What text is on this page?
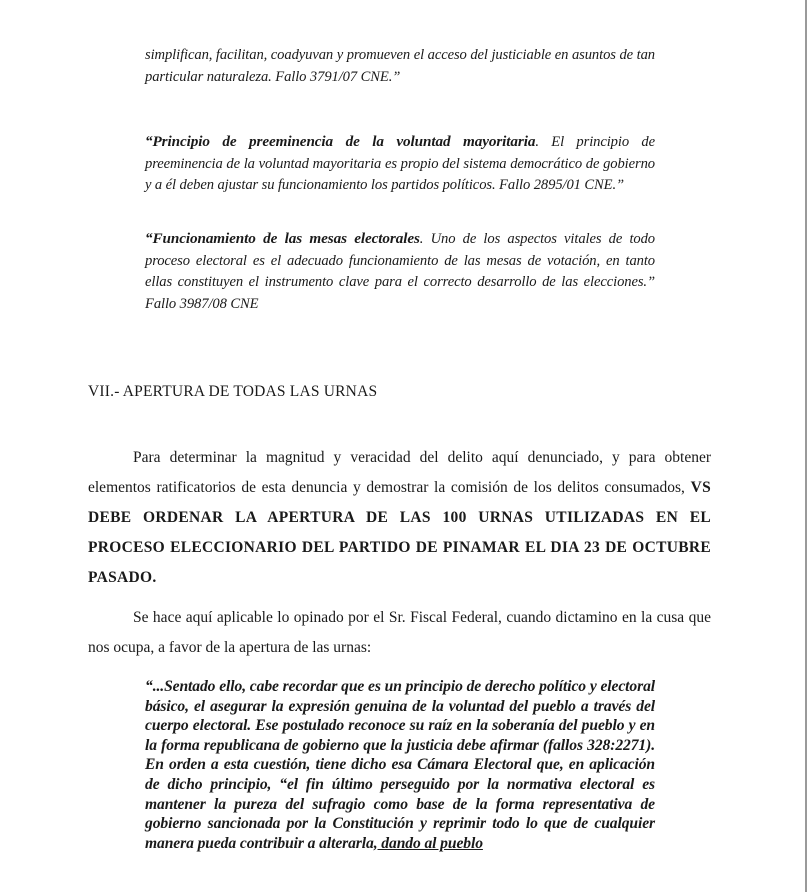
simplifican, facilitan, coadyuvan y promueven el acceso del justiciable en asuntos de tan particular naturaleza. Fallo 3791/07 CNE.”
“Principio de preeminencia de la voluntad mayoritaria. El principio de preeminencia de la voluntad mayoritaria es propio del sistema democrático de gobierno y a él deben ajustar su funcionamiento los partidos políticos. Fallo 2895/01 CNE.”
“Funcionamiento de las mesas electorales. Uno de los aspectos vitales de todo proceso electoral es el adecuado funcionamiento de las mesas de votación, en tanto ellas constituyen el instrumento clave para el correcto desarrollo de las elecciones.” Fallo 3987/08 CNE
VII.- APERTURA DE TODAS LAS URNAS
Para determinar la magnitud y veracidad del delito aquí denunciado, y para obtener elementos ratificatorios de esta denuncia y demostrar la comisión de los delitos consumados, VS DEBE ORDENAR LA APERTURA DE LAS 100 URNAS UTILIZADAS EN EL PROCESO ELECCIONARIO DEL PARTIDO DE PINAMAR EL DIA 23 DE OCTUBRE PASADO.
Se hace aquí aplicable lo opinado por el Sr. Fiscal Federal, cuando dictamino en la cusa que nos ocupa, a favor de la apertura de las urnas:
“...Sentado ello, cabe recordar que es un principio de derecho político y electoral básico, el asegurar la expresión genuina de la voluntad del pueblo a través del cuerpo electoral. Ese postulado reconoce su raíz en la soberanía del pueblo y en la forma republicana de gobierno que la justicia debe afirmar (fallos 328:2271). En orden a esta cuestión, tiene dicho esa Cámara Electoral que, en aplicación de dicho principio, “el fin último perseguido por la normativa electoral es mantener la pureza del sufragio como base de la forma representativa de gobierno sancionada por la Constitución y reprimir todo lo que de cualquier manera pueda contribuir a alterarla, dando al pueblo
